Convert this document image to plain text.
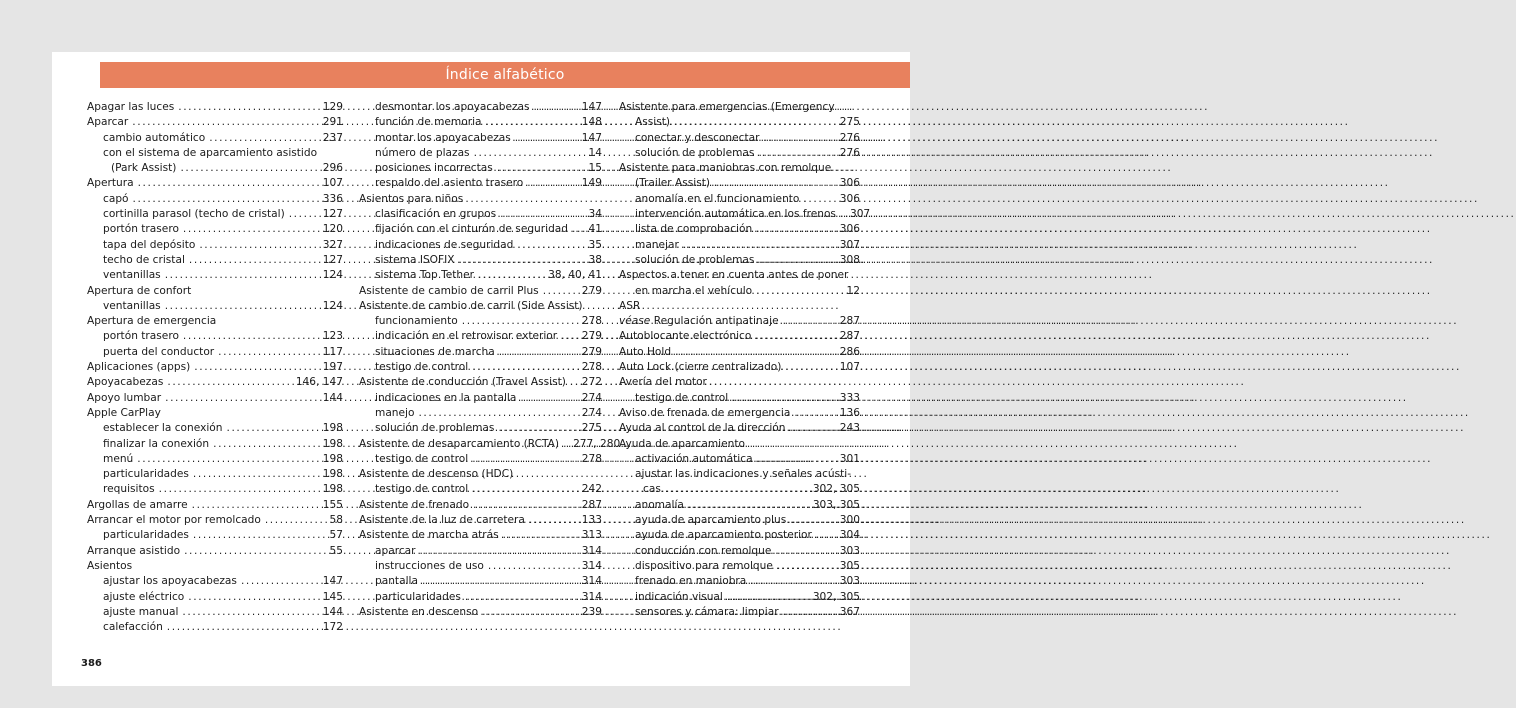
Índice alfabético
Apagar las luces .....	129
Aparcar .....	291
cambio automático .....	237
con el sistema de aparcamiento asistido
(Park Assist) .....	296
Apertura .....	107
capó .....	336
cortinilla parasol (techo de cristal) .....	127
portón trasero .....	120
tapa del depósito .....	327
techo de cristal .....	127
ventanillas .....	124
Apertura de confort
ventanillas .....	124
Apertura de emergencia
portón trasero .....	123
puerta del conductor .....	117
Aplicaciones (apps) .....	197
Apoyacabezas .....	146, 147
Apoyo lumbar .....	144
Apple CarPlay
establecer la conexión .....	198
finalizar la conexión .....	198
menú .....	198
particularidades .....	198
requisitos .....	198
Argollas de amarre .....	155
Arrancar el motor por remolcado .....	58
particularidades .....	57
Arranque asistido .....	55
Asientos
ajustar los apoyacabezas .....	147
ajuste eléctrico .....	145
ajuste manual .....	144
calefacción .....	172
desmontar los apoyacabezas .....	147
función de memoria .....	148
montar los apoyacabezas .....	147
número de plazas .....	14
posiciones incorrectas .....	15
respaldo del asiento trasero .....	149
Asientos para niños
clasificación en grupos .....	34
fijación con el cinturón de seguridad ..... 41
indicaciones de seguridad .....	35
sistema ISOFIX .....	38
sistema Top Tether .....	38, 40, 41
Asistente de cambio de carril Plus .....	279
Asistente de cambio de carril (Side Assist)
funcionamiento .....	278
indicación en el retrovisor exterior ..... 279
situaciones de marcha .....	279
testigo de control .....	278
Asistente de conducción (Travel Assist) ..... 272
indicaciones en la pantalla .....	274
manejo .....	274
solución de problemas .....	275
Asistente de desaparcamiento (RCTA) ..... 277, 280
testigo de control .....	278
Asistente de descenso (HDC)
testigo de control .....	242
Asistente de frenado .....	287
Asistente de la luz de carretera .....	133
Asistente de marcha atrás .....	313
aparcar .....	314
instrucciones de uso .....	314
pantalla .....	314
particularidades .....	314
Asistente en descenso .....	239
Asistente para emergencias (Emergency
Assist) .....	275
conectar y desconectar .....	276
solución de problemas .....	276
Asistente para maniobras con remolque
(Trailer Assist) .....	306
anomalía en el funcionamiento .....	306
intervención automática en los frenos ..... 307
lista de comprobación .....	306
manejar .....	307
solución de problemas .....	308
Aspectos a tener en cuenta antes de poner
en marcha el vehículo .....	12
ASR
véase Regulación antipatinaje .....	287
Autoblocante electrónico .....	287
Auto Hold .....	286
Auto Lock (cierre centralizado) .....	107
Avería del motor
testigo de control .....	333
Aviso de frenada de emergencia .....	136
Ayuda al control de la dirección .....	243
Ayuda de aparcamiento
activación automática .....	301
ajustar las indicaciones y señales acústi-
cas .....	302, 305
anomalía .....	303, 305
ayuda de aparcamiento plus .....	300
ayuda de aparcamiento posterior .....	304
conducción con remolque .....	303
dispositivo para remolque .....	305
frenado en maniobra .....	303
indicación visual .....	302, 305
sensores y cámara: limpiar .....	367
386
